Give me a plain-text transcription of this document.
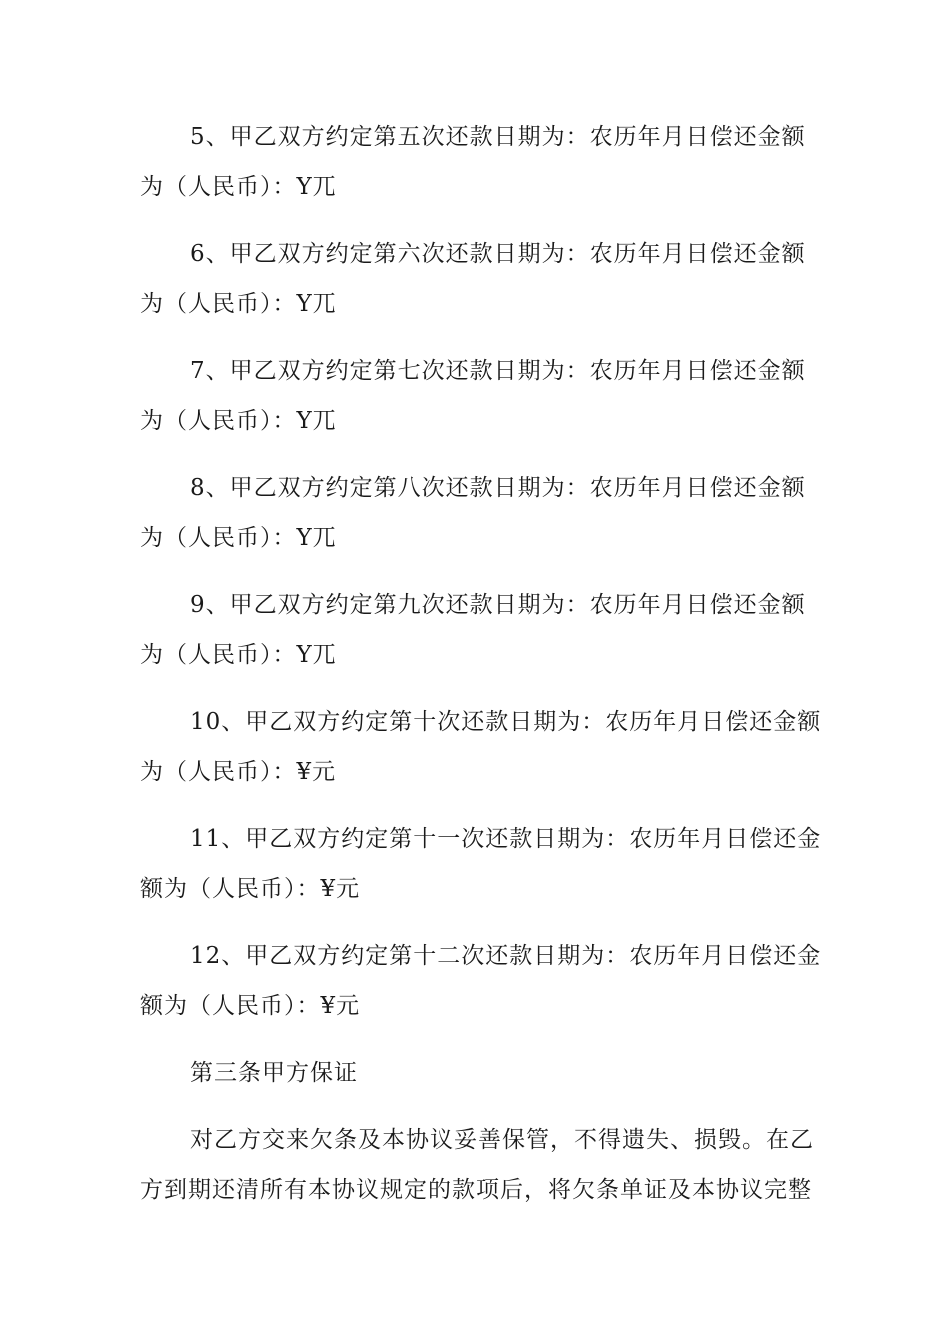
5、甲乙双方约定第五次还款日期为：农历年月日偿还金额
为（人民币）：Y兀

6、甲乙双方约定第六次还款日期为：农历年月日偿还金额
为（人民币）：Y兀

7、甲乙双方约定第七次还款日期为：农历年月日偿还金额
为（人民币）：Y兀

8、甲乙双方约定第八次还款日期为：农历年月日偿还金额
为（人民币）：Y兀

9、甲乙双方约定第九次还款日期为：农历年月日偿还金额
为（人民币）：Y兀

10、甲乙双方约定第十次还款日期为：农历年月日偿还金额
为（人民币）：¥元

11、甲乙双方约定第十一次还款日期为：农历年月日偿还金
额为（人民币）：¥元

12、甲乙双方约定第十二次还款日期为：农历年月日偿还金
额为（人民币）：¥元

第三条甲方保证

对乙方交来欠条及本协议妥善保管，不得遗失、损毁。在乙
方到期还清所有本协议规定的款项后，将欠条单证及本协议完整
